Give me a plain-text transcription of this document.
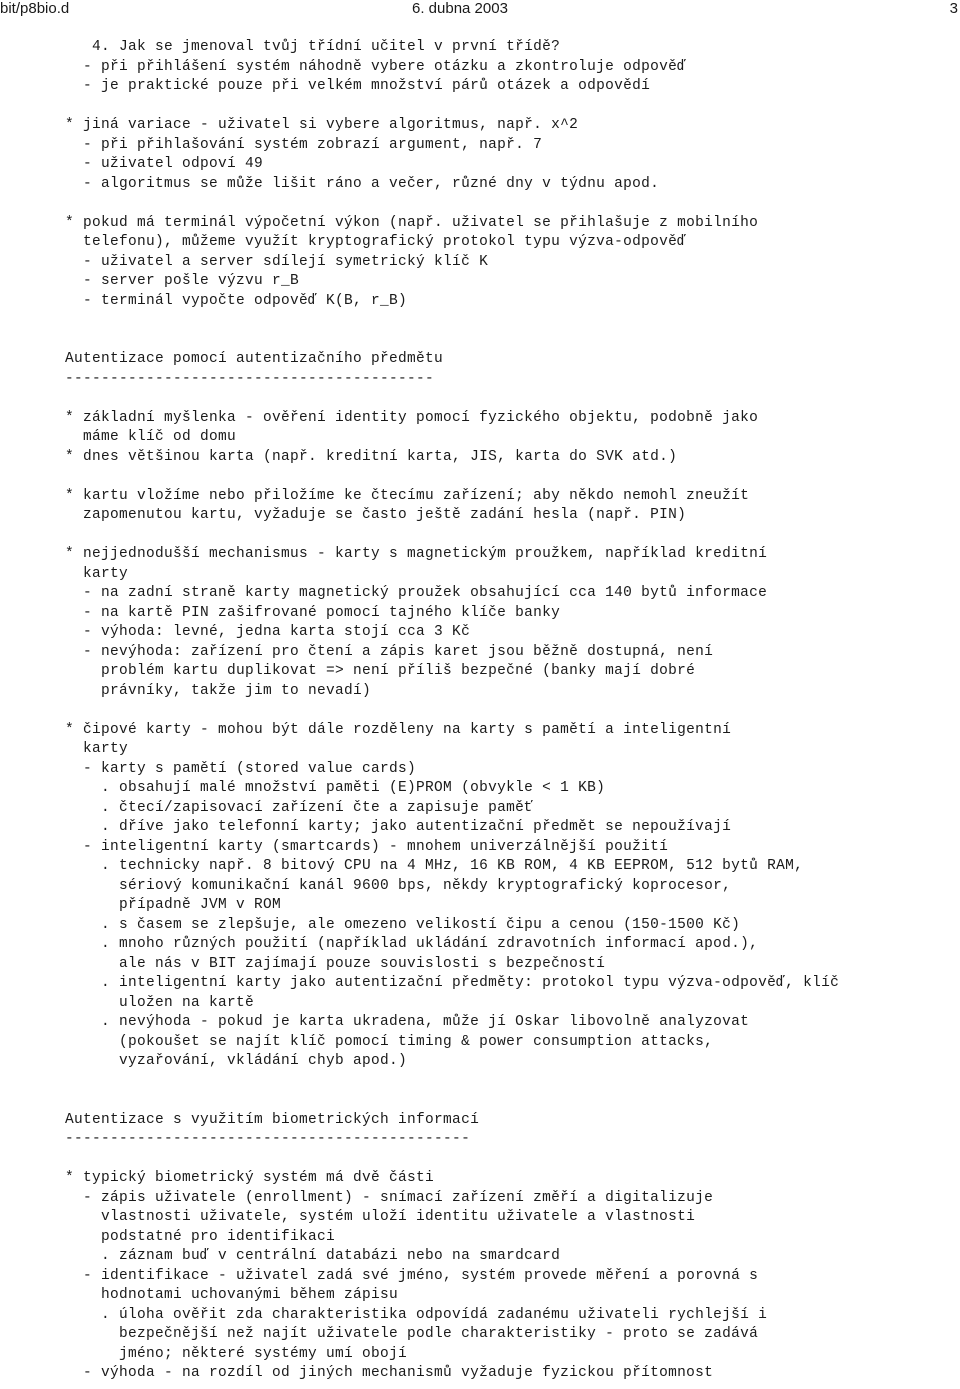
bit/p8bio.d	6. dubna 2003	3
4. Jak se jmenoval tvůj třídní učitel v první třídě?
- při přihlášení systém náhodně vybere otázku a zkontroluje odpověď
- je praktické pouze při velkém množství párů otázek a odpovědí
* jiná variace - uživatel si vybere algoritmus, např. x^2
- při přihlašování systém zobrazí argument, např. 7
- uživatel odpoví 49
- algoritmus se může lišit ráno a večer, různé dny v týdnu apod.
* pokud má terminál výpočetní výkon (např. uživatel se přihlašuje z mobilního
telefonu), můžeme využít kryptografický protokol typu výzva-odpověď
- uživatel a server sdílejí symetrický klíč K
- server pošle výzvu r_B
- terminál vypočte odpověď K(B, r_B)
Autentizace pomocí autentizačního předmětu
-----------------------------------------
* základní myšlenka - ověření identity pomocí fyzického objektu, podobně jako
máme klíč od domu
* dnes většinou karta (např. kreditní karta, JIS, karta do SVK atd.)
* kartu vložíme nebo přiložíme ke čtecímu zařízení; aby někdo nemohl zneužít
zapomenutou kartu, vyžaduje se často ještě zadání hesla (např. PIN)
* nejjednodušší mechanismus - karty s magnetickým proužkem, například kreditní
karty
- na zadní straně karty magnetický proužek obsahující cca 140 bytů informace
- na kartě PIN zašifrované pomocí tajného klíče banky
- výhoda: levné, jedna karta stojí cca 3 Kč
- nevýhoda: zařízení pro čtení a zápis karet jsou běžně dostupná, není
problém kartu duplikovat => není příliš bezpečné (banky mají dobré
právníky, takže jim to nevadí)
* čipové karty - mohou být dále rozděleny na karty s pamětí a inteligentní
karty
- karty s pamětí (stored value cards)
. obsahují malé množství paměti (E)PROM (obvykle < 1 KB)
. čtecí/zapisovací zařízení čte a zapisuje paměť
. dříve jako telefonní karty; jako autentizační předmět se nepoužívají
- inteligentní karty (smartcards) - mnohem univerzálnější použití
. technicky např. 8 bitový CPU na 4 MHz, 16 KB ROM, 4 KB EEPROM, 512 bytů RAM,
sériový komunikační kanál 9600 bps, někdy kryptografický koprocesor,
případně JVM v ROM
. s časem se zlepšuje, ale omezeno velikostí čipu a cenou (150-1500 Kč)
. mnoho různých použití (například ukládání zdravotních informací apod.),
ale nás v BIT zajímají pouze souvislosti s bezpečností
. inteligentní karty jako autentizační předměty: protokol typu výzva-odpověď, klíč
uložen na kartě
. nevýhoda - pokud je karta ukradena, může jí Oskar libovolně analyzovat
(pokoušet se najít klíč pomocí timing & power consumption attacks,
vyzařování, vkládání chyb apod.)
Autentizace s využitím biometrických informací
---------------------------------------------
* typický biometrický systém má dvě části
- zápis uživatele (enrollment) - snímací zařízení změří a digitalizuje
vlastnosti uživatele, systém uloží identitu uživatele a vlastnosti
podstatné pro identifikaci
. záznam buď v centrální databázi nebo na smardcard
- identifikace - uživatel zadá své jméno, systém provede měření a porovná s
hodnotami uchovanými během zápisu
. úloha ověřit zda charakteristika odpovídá zadanému uživateli rychlejší i
bezpečnější než najít uživatele podle charakteristiky - proto se zadává
jméno; některé systémy umí obojí
- výhoda - na rozdíl od jiných mechanismů vyžaduje fyzickou přítomnost
